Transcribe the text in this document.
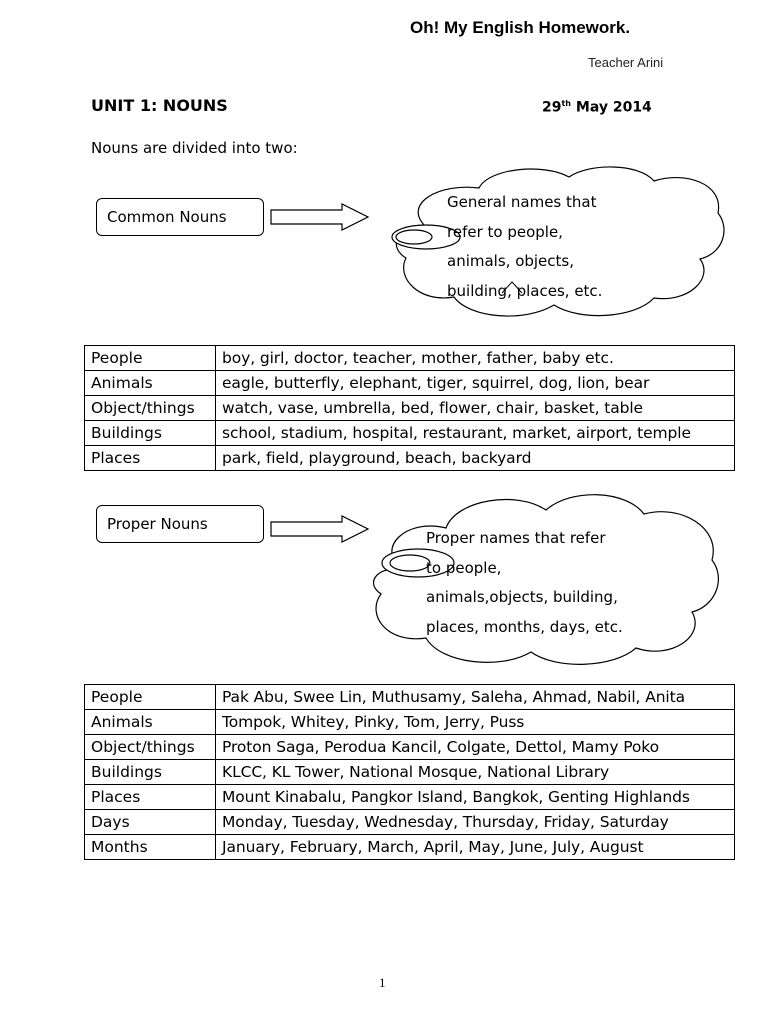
Oh! My English Homework.
Teacher Arini
UNIT 1: NOUNS	29th May 2014
Nouns are divided into two:
Common Nouns
General names that
refer to people,
animals, objects,
building, places, etc.
People	boy, girl, doctor, teacher, mother, father, baby etc.
Animals	eagle, butterfly, elephant, tiger, squirrel, dog, lion, bear
Object/things	watch, vase, umbrella, bed, flower, chair, basket, table
Buildings	school, stadium, hospital, restaurant, market, airport, temple
Places	park, field, playground, beach, backyard
Proper Nouns
Proper names that refer
to people,
animals,objects, building,
places, months, days, etc.
People	Pak Abu, Swee Lin, Muthusamy, Saleha, Ahmad, Nabil, Anita
Animals	Tompok, Whitey, Pinky, Tom, Jerry, Puss
Object/things	Proton Saga, Perodua Kancil, Colgate, Dettol, Mamy Poko
Buildings	KLCC, KL Tower, National Mosque, National Library
Places	Mount Kinabalu, Pangkor Island, Bangkok, Genting Highlands
Days	Monday, Tuesday, Wednesday, Thursday, Friday, Saturday
Months	January, February, March, April, May, June, July, August
1
